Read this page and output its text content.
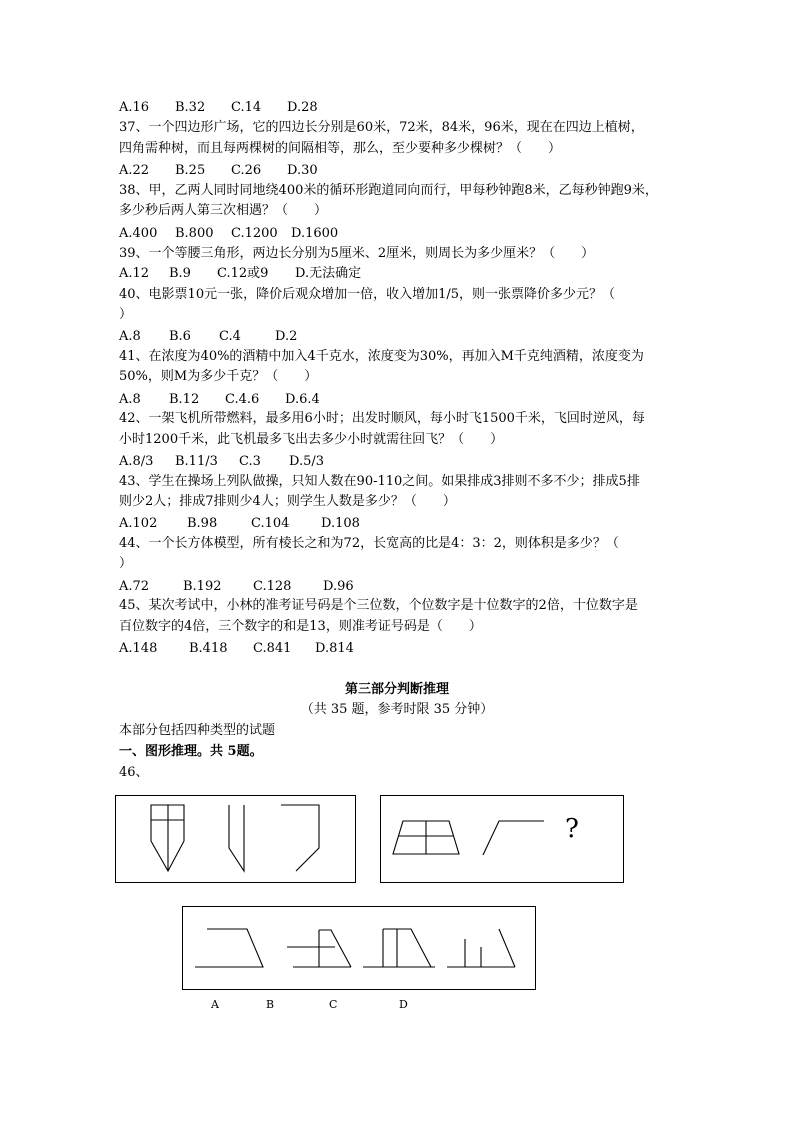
A.16 B.32 C.14 D.28
37、一个四边形广场，它的四边长分别是60米，72米，84米，96米，现在在四边上植树，
四角需种树，而且每两棵树的间隔相等，那么，至少要种多少棵树？（　　）
A.22 B.25 C.26 D.30
38、甲，乙两人同时同地绕400米的循环形跑道同向而行，甲每秒钟跑8米，乙每秒钟跑9米，
多少秒后两人第三次相遇？（　　）
A.400 B.800 C.1200 D.1600
39、一个等腰三角形，两边长分别为5厘米、2厘米，则周长为多少厘米？（　　）
A.12 B.9 C.12或9 D.无法确定
40、电影票10元一张，降价后观众增加一倍，收入增加1/5，则一张票降价多少元？（
）
A.8 B.6 C.4	D.2
41、在浓度为40%的酒精中加入4千克水，浓度变为30%，再加入M千克纯酒精，浓度变为
50%，则M为多少千克？（　　）
A.8 B.12 C.4.6 D.6.4
42、一架飞机所带燃料，最多用6小时；出发时顺风，每小时飞1500千米，飞回时逆风，每
小时1200千米，此飞机最多飞出去多少小时就需往回飞？（　　）
A.8/3 B.11/3 C.3 D.5/3
43、学生在操场上列队做操，只知人数在90-110之间。如果排成3排则不多不少；排成5排
则少2人；排成7排则少4人；则学生人数是多少？（　　）
A.102 B.98	C.104 D.108
44、一个长方体模型，所有棱长之和为72，长宽高的比是4：3：2，则体积是多少？（
）
A.72	B.192 C.128 D.96
45、某次考试中，小林的准考证号码是个三位数，个位数字是十位数字的2倍，十位数字是
百位数字的4倍，三个数字的和是13，则准考证号码是（　　）
A.148 B.418 C.841 D.814
第三部分判断推理
（共 35 题，参考时限 35 分钟）
本部分包括四种类型的试题
一、图形推理。共 5题。
46、
?
A	B	C	D
